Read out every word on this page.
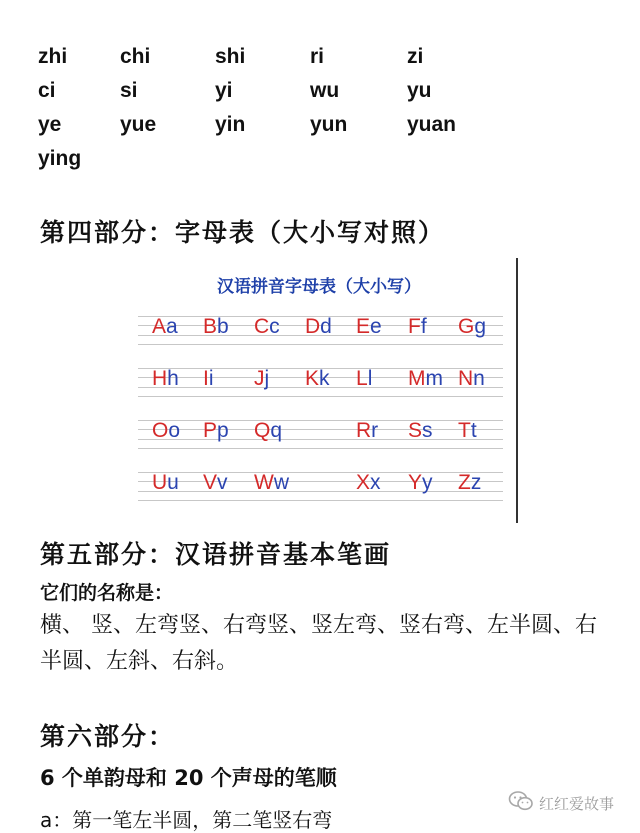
zhi	chi	shi	ri	zi
ci	si	yi	wu	yu
ye	yue	yin	yun	yuan
ying
第四部分：字母表（大小写对照）
汉语拼音字母表（大小写）
Aa Bb Cc Dd Ee Ff Gg
Hh Ii Jj Kk Ll Mm Nn
Oo Pp Qq	Rr Ss Tt
Uu Vv Ww	Xx Yy Zz
第五部分：汉语拼音基本笔画
它们的名称是：
横、 竖、左弯竖、右弯竖、竖左弯、竖右弯、左半圆、右半圆、左斜、右斜。
第六部分：
6 个单韵母和 20 个声母的笔顺
a：第一笔左半圆，第二笔竖右弯
红红爱故事
